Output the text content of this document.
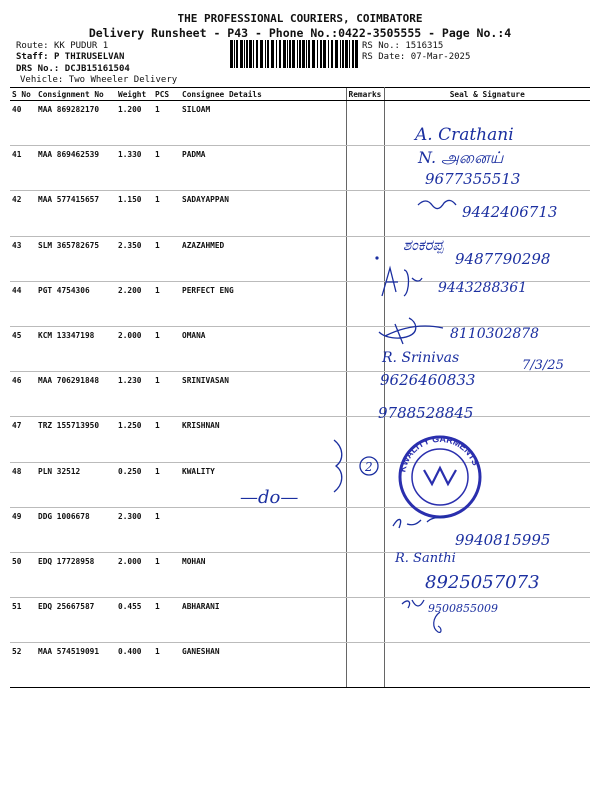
THE PROFESSIONAL COURIERS, COIMBATORE
Delivery Runsheet - P43 - Phone No.:0422-3505555 - Page No.:4
Route: KK PUDUR 1
Staff: P THIRUSELVAN
DRS No.: DCJB15161504
Vehicle: Two Wheeler Delivery
RS No.: 1516315
RS Date: 07-Mar-2025
S No	Consignment No	Weight	PCS	Consignee Details	Remarks	Seal & Signature
40	MAA 869282170	1.200	1	SILOAM		
41	MAA 869462539	1.330	1	PADMA		
42	MAA 577415657	1.150	1	SADAYAPPAN		
43	SLM 365782675	2.350	1	AZAZAHMED		
44	PGT 4754306	2.200	1	PERFECT ENG		
45	KCM 13347198	2.000	1	OMANA		
46	MAA 706291848	1.230	1	SRINIVASAN		
47	TRZ 155713950	1.250	1	KRISHNAN		
48	PLN 32512	0.250	1	KWALITY		
49	DDG 1006678	2.300	1			
50	EDQ 17728958	2.000	1	MOHAN		
51	EDQ 25667587	0.455	1	ABHARANI		
52	MAA 574519091	0.400	1	GANESHAN		
A. Crathani
N. அனைய்
9677355513
9442406713
ಶಂಕರಪ್ಪ
9487790298
9443288361
8110302878
R. Srinivas	7/3/25
9626460833
9788528845
2
—do—
KWALITY GARMENTS
9940815995
R. Santhi
8925057073
9500855009
